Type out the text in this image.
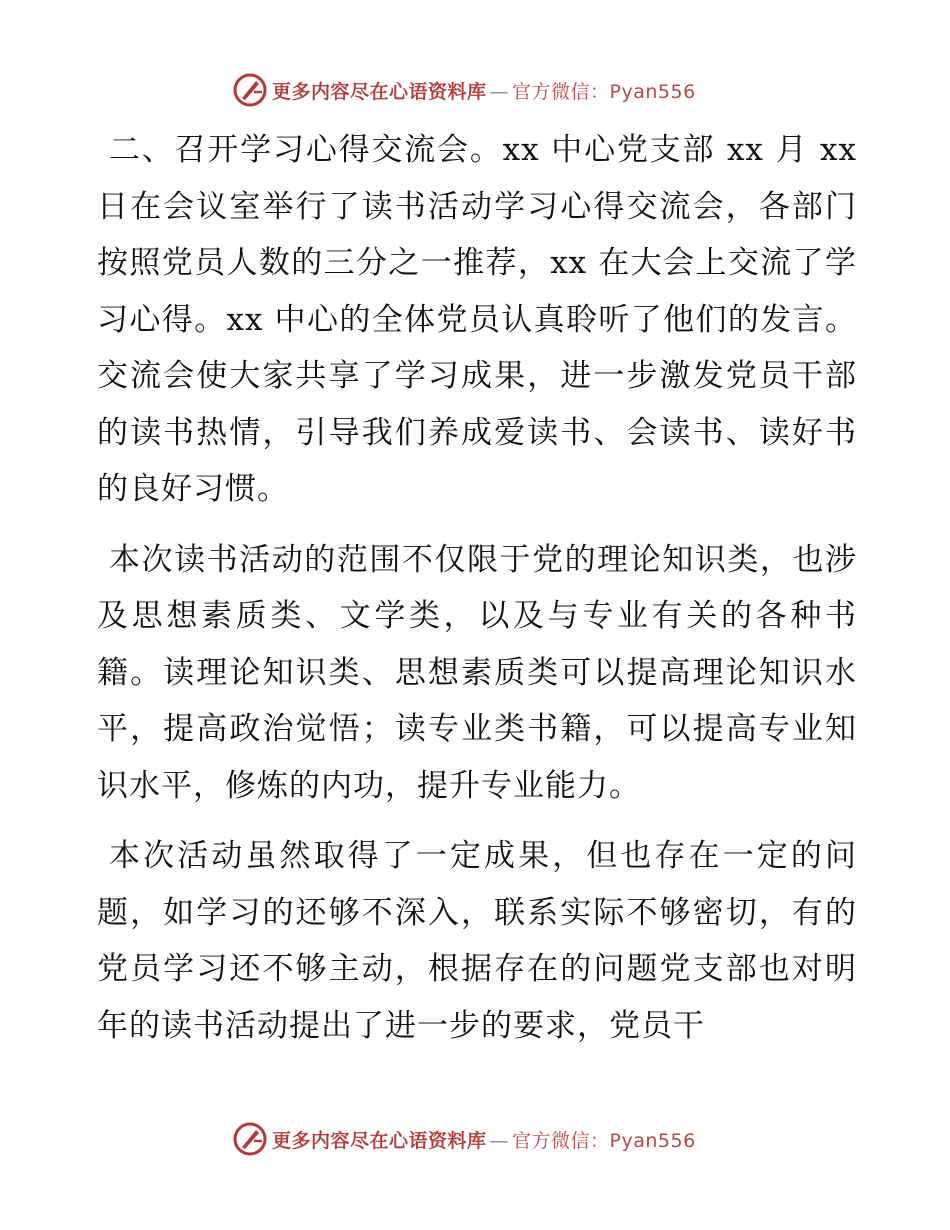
更多内容尽在心语资料库 — 官方微信：Pyan556

二、召开学习心得交流会。xx 中心党支部 xx 月 xx 日在会议室举行了读书活动学习心得交流会，各部门按照党员人数的三分之一推荐，xx 在大会上交流了学习心得。xx 中心的全体党员认真聆听了他们的发言。交流会使大家共享了学习成果，进一步激发党员干部的读书热情，引导我们养成爱读书、会读书、读好书的良好习惯。

本次读书活动的范围不仅限于党的理论知识类，也涉及思想素质类、文学类，以及与专业有关的各种书籍。读理论知识类、思想素质类可以提高理论知识水平，提高政治觉悟；读专业类书籍，可以提高专业知识水平，修炼的内功，提升专业能力。

本次活动虽然取得了一定成果，但也存在一定的问题，如学习的还够不深入，联系实际不够密切，有的党员学习还不够主动，根据存在的问题党支部也对明年的读书活动提出了进一步的要求，党员干

更多内容尽在心语资料库 — 官方微信：Pyan556
